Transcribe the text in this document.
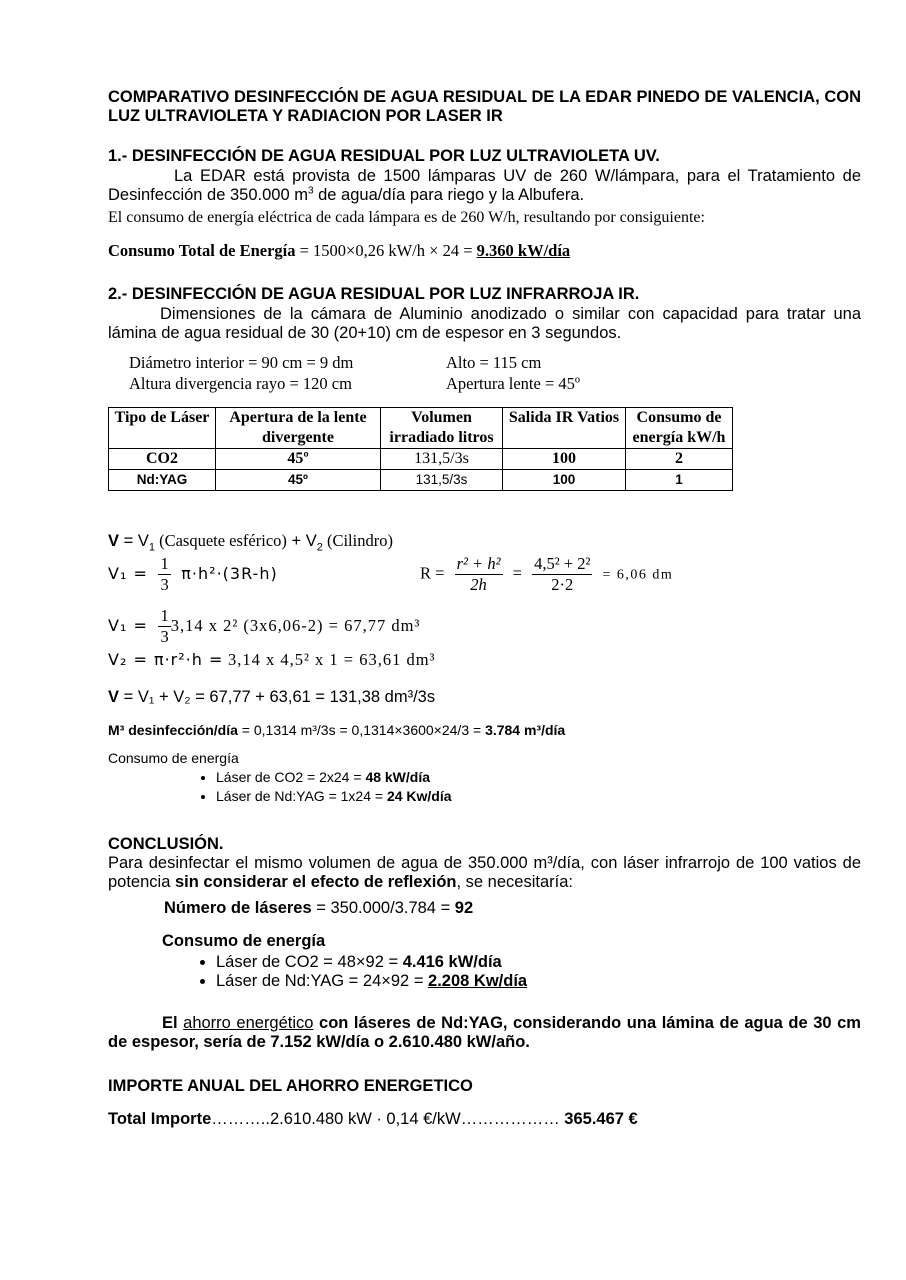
COMPARATIVO DESINFECCIÓN DE AGUA RESIDUAL DE LA EDAR PINEDO DE VALENCIA, CON LUZ ULTRAVIOLETA Y RADIACION POR LASER IR
1.- DESINFECCIÓN DE AGUA RESIDUAL POR LUZ ULTRAVIOLETA UV.
La EDAR está provista de 1500 lámparas UV de 260 W/lámpara, para el Tratamiento de Desinfección de 350.000 $m^3$ de agua/día para riego y la Albufera.
El consumo de energía eléctrica de cada lámpara es de 260 W/h, resultando por consiguiente:
Consumo Total de Energía = 1500×0,26 kW/h × 24 = 9.360 kW/día
2.- DESINFECCIÓN DE AGUA RESIDUAL POR LUZ INFRARROJA IR.
Dimensiones de la cámara de Aluminio anodizado o similar con capacidad para tratar una lámina de agua residual de 30 (20+10) cm de espesor en 3 segundos.
Diámetro interior = 90 cm = 9 dm	Alto = 115 cm
Altura divergencia rayo = 120 cm	Apertura lente = 45º
Tipo de Láser	Apertura de la lente divergente	Volumen irradiado litros	Salida IR Vatios	Consumo de energía kW/h
CO2	45º	131,5/3s	100	2
Nd:YAG	45º	131,5/3s	100	1
$V = V_1$ (Casquete esférico) + $V_2$ (Cilindro)
$V_1 = \frac{1}{3} \pi\cdot h^2\cdot(3R-h)$	$R = \frac{\text{r² + h²}}{2h} = \frac{\text{4,5² + 2²}}{2\cdot 2} = 6,06$ dm
$V_1 = \frac{1}{3} 3,14$ x 2² (3x6,06-2) = 67,77 dm³
V₂ = π·r²·h = 3,14 x 4,5² x 1 = 63,61 dm³
V = V₁ + V₂ = 67,77 + 63,61 = 131,38 dm³/3s
M³ desinfección/día = 0,1314 m³/3s = 0,1314×3600×24/3 = 3.784 m³/día
Consumo de energía
• Láser de CO2 = 2x24 = 48 kW/día
• Láser de Nd:YAG = 1x24 = 24 Kw/día
CONCLUSIÓN.
Para desinfectar el mismo volumen de agua de 350.000 m³/día, con láser infrarrojo de 100 vatios de potencia sin considerar el efecto de reflexión, se necesitaría:
Número de láseres = 350.000/3.784 = 92
Consumo de energía
• Láser de CO2 = 48×92 = 4.416 kW/día
• Láser de Nd:YAG = 24×92 = 2.208 Kw/día
El ahorro energético con láseres de Nd:YAG, considerando una lámina de agua de 30 cm de espesor, sería de 7.152 kW/día o 2.610.480 kW/año.
IMPORTE ANUAL DEL AHORRO ENERGETICO
Total Importe………..2.610.480 kW · 0,14 €/kW……………… 365.467 €
